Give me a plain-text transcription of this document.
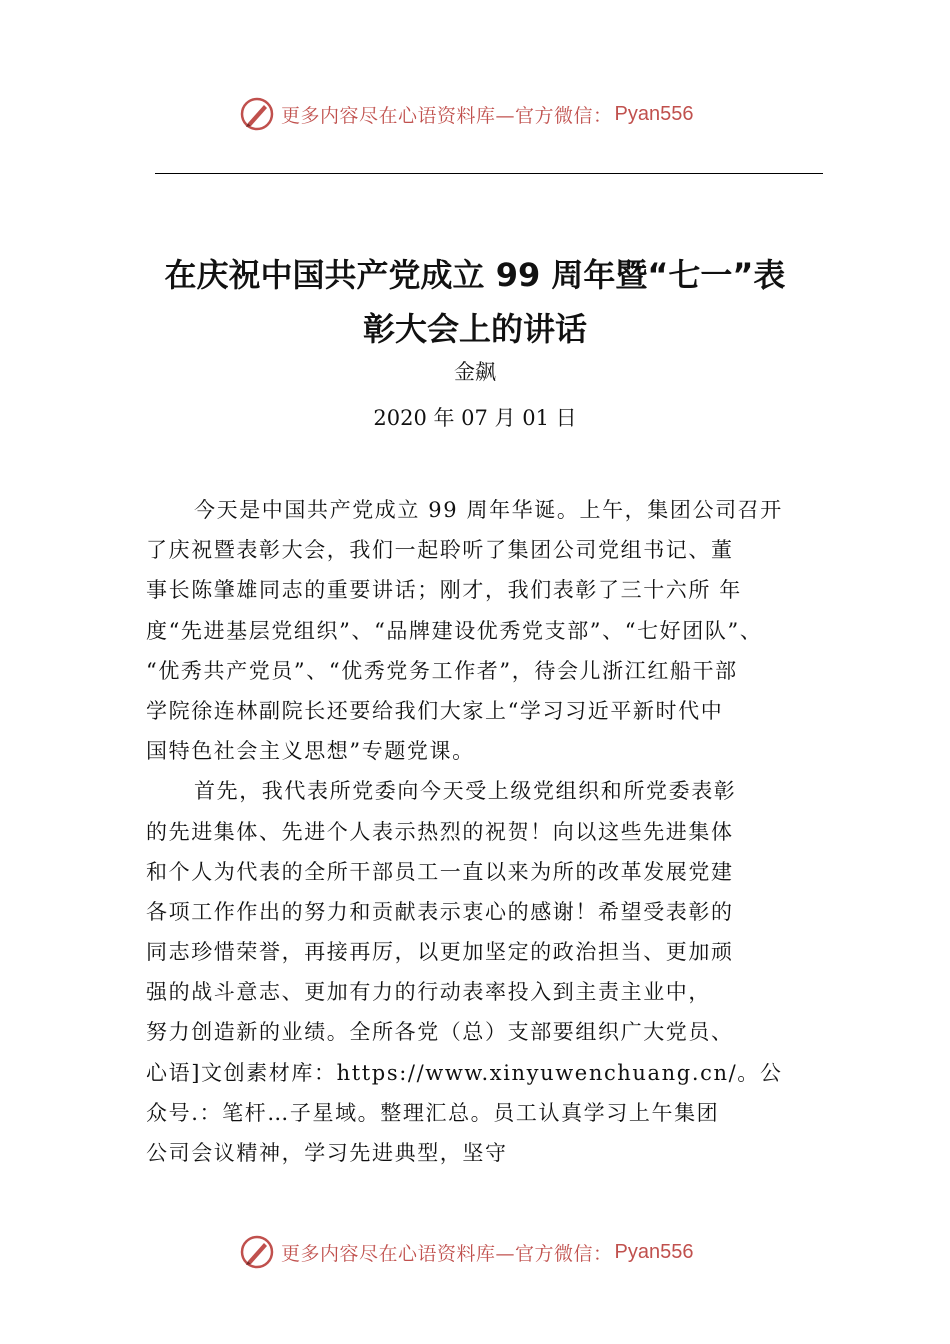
更多内容尽在心语资料库—官方微信： Pyan556
在庆祝中国共产党成立 99 周年暨“七一”表
彰大会上的讲话
金飙
2020 年 07 月 01 日
今天是中国共产党成立 99 周年华诞。上午，集团公司召开
了庆祝暨表彰大会，我们一起聆听了集团公司党组书记、董
事长陈肇雄同志的重要讲话；刚才，我们表彰了三十六所 年
度“先进基层党组织”、“品牌建设优秀党支部”、“七好团队”、
“优秀共产党员”、“优秀党务工作者”，待会儿浙江红船干部
学院徐连林副院长还要给我们大家上“学习习近平新时代中
国特色社会主义思想”专题党课。
首先，我代表所党委向今天受上级党组织和所党委表彰
的先进集体、先进个人表示热烈的祝贺！向以这些先进集体
和个人为代表的全所干部员工一直以来为所的改革发展党建
各项工作作出的努力和贡献表示衷心的感谢！希望受表彰的
同志珍惜荣誉，再接再厉，以更加坚定的政治担当、更加顽
强的战斗意志、更加有力的行动表率投入到主责主业中，
努力创造新的业绩。全所各党（总）支部要组织广大党员、
心语]文创素材库：https://www.xinyuwenchuang.cn/。公
众号.：笔杆…子星域。整理汇总。员工认真学习上午集团
公司会议精神，学习先进典型，坚守
更多内容尽在心语资料库—官方微信： Pyan556
